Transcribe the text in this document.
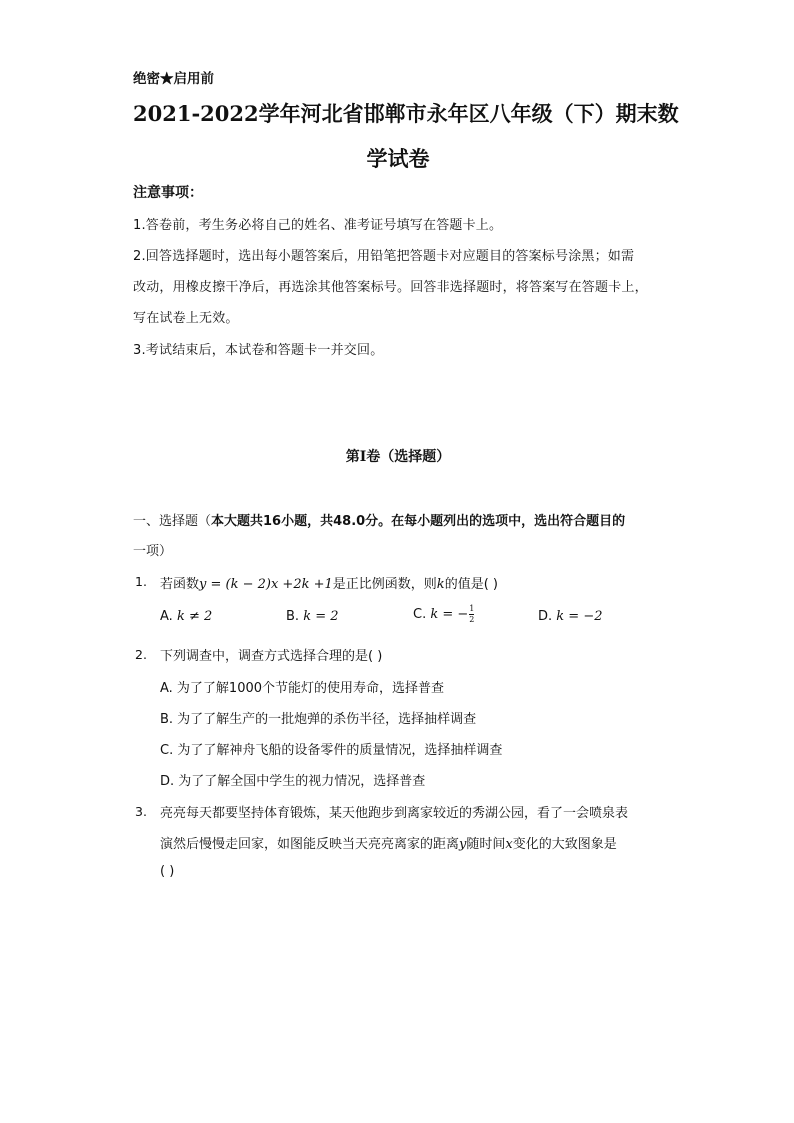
绝密★启用前
2021-2022学年河北省邯郸市永年区八年级（下）期末数
学试卷
注意事项：
1.答卷前，考生务必将自己的姓名、准考证号填写在答题卡上。
2.回答选择题时，选出每小题答案后，用铅笔把答题卡对应题目的答案标号涂黑；如需
改动，用橡皮擦干净后，再选涂其他答案标号。回答非选择题时，将答案写在答题卡上，
写在试卷上无效。
3.考试结束后，本试卷和答题卡一并交回。
第I卷（选择题）
一、选择题（本大题共16小题，共48.0分。在每小题列出的选项中，选出符合题目的
一项）
1. 若函数y = (k − 2)x +2k +1是正比例函数，则k的值是( )
A. k ≠ 2	B. k = 2	C. $k = -\frac{1}{2}$	D. k = −2
2. 下列调查中，调查方式选择合理的是( )
A. 为了了解1000个节能灯的使用寿命，选择普查
B. 为了了解生产的一批炮弹的杀伤半径，选择抽样调查
C. 为了了解神舟飞船的设备零件的质量情况，选择抽样调查
D. 为了了解全国中学生的视力情况，选择普查
3. 亮亮每天都要坚持体育锻炼，某天他跑步到离家较近的秀湖公园，看了一会喷泉表
演然后慢慢走回家，如图能反映当天亮亮离家的距离y随时间x变化的大致图象是
( )
